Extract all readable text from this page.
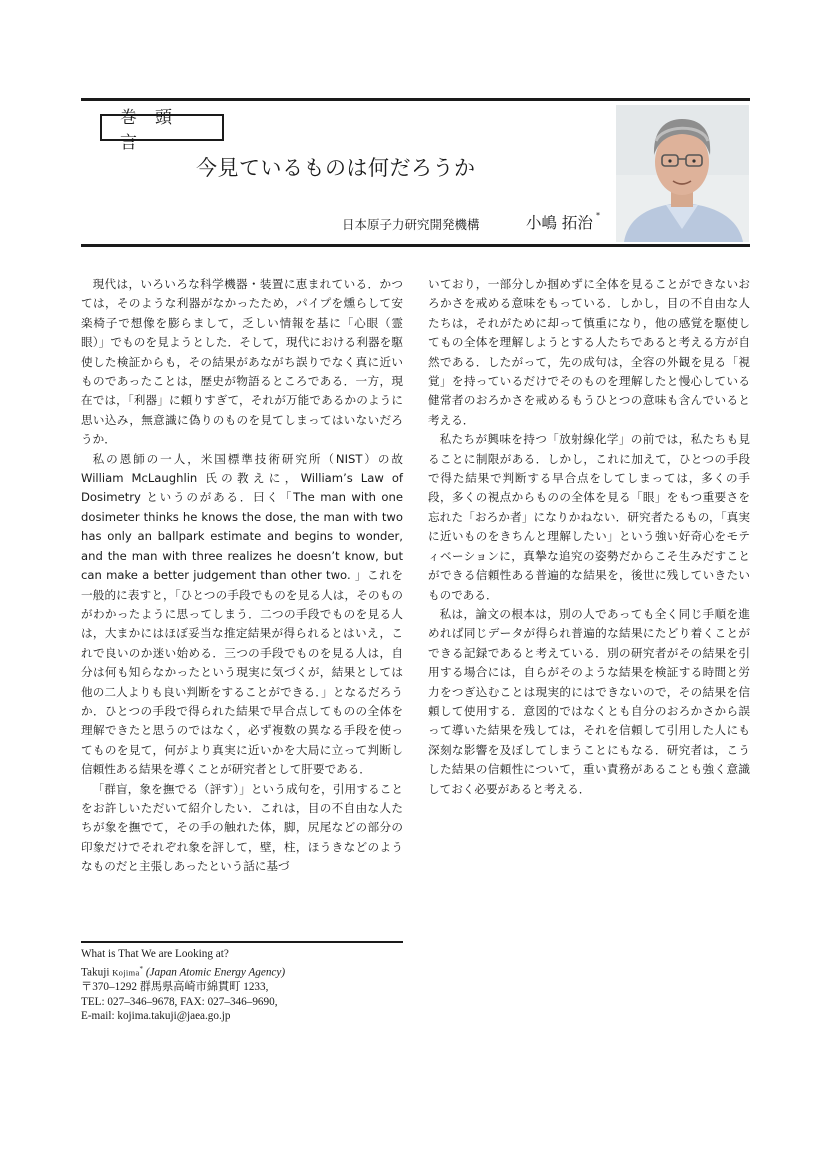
巻頭言
今見ているものは何だろうか
日本原子力研究開発機構	小嶋 拓治 *

現代は，いろいろな科学機器・装置に恵まれている．かつては，そのような利器がなかったため，パイプを燻らして安楽椅子で想像を膨らまして，乏しい情報を基に「心眼（霊眼）」でものを見ようとした．そして，現代における利器を駆使した検証からも，その結果があながち誤りでなく真に近いものであったことは，歴史が物語るところである．一方，現在では，「利器」に頼りすぎて，それが万能であるかのように思い込み，無意識に偽りのものを見てしまってはいないだろうか．

私の恩師の一人，米国標準技術研究所（NIST）の故 William McLaughlin 氏の教えに，William’s Law of Dosimetry というのがある．曰く「The man with one dosimeter thinks he knows the dose, the man with two has only an ballpark estimate and begins to wonder, and the man with three realizes he doesn’t know, but can make a better judgement than other two. 」これを一般的に表すと，「ひとつの手段でものを見る人は，そのものがわかったように思ってしまう．二つの手段でものを見る人は，大まかにはほぼ妥当な推定結果が得られるとはいえ，これで良いのか迷い始める．三つの手段でものを見る人は，自分は何も知らなかったという現実に気づくが，結果としては他の二人よりも良い判断をすることができる．」となるだろうか．ひとつの手段で得られた結果で早合点してものの全体を理解できたと思うのではなく，必ず複数の異なる手段を使ってものを見て，何がより真実に近いかを大局に立って判断し信頼性ある結果を導くことが研究者として肝要である．

「群盲，象を撫でる（評す）」という成句を，引用することをお許しいただいて紹介したい．これは，目の不自由な人たちが象を撫でて，その手の触れた体，脚，尻尾などの部分の印象だけでそれぞれ象を評して，壁，柱，ほうきなどのようなものだと主張しあったという話に基づ

いており，一部分しか掴めずに全体を見ることができないおろかさを戒める意味をもっている．しかし，目の不自由な人たちは，それがために却って慎重になり，他の感覚を駆使してもの全体を理解しようとする人たちであると考える方が自然である．したがって，先の成句は，全容の外観を見る「視覚」を持っているだけでそのものを理解したと慢心している健常者のおろかさを戒めるもうひとつの意味も含んでいると考える．

私たちが興味を持つ「放射線化学」の前では，私たちも見ることに制限がある．しかし，これに加えて，ひとつの手段で得た結果で判断する早合点をしてしまっては，多くの手段，多くの視点からものの全体を見る「眼」をもつ重要さを忘れた「おろか者」になりかねない．研究者たるもの，「真実に近いものをきちんと理解したい」という強い好奇心をモティベーションに，真摯な追究の姿勢だからこそ生みだすことができる信頼性ある普遍的な結果を，後世に残していきたいものである．

私は，論文の根本は，別の人であっても全く同じ手順を進めれば同じデータが得られ普遍的な結果にたどり着くことができる記録であると考えている．別の研究者がその結果を引用する場合には，自らがそのような結果を検証する時間と労力をつぎ込むことは現実的にはできないので，その結果を信頼して使用する．意図的ではなくとも自分のおろかさから誤って導いた結果を残しては，それを信頼して引用した人にも深刻な影響を及ぼしてしまうことにもなる．研究者は，こうした結果の信頼性について，重い責務があることも強く意識しておく必要があると考える．

What is That We are Looking at?
Takuji Kojima* (Japan Atomic Energy Agency)
〒370–1292 群馬県高崎市綿貫町 1233,
TEL: 027–346–9678, FAX: 027–346–9690,
E-mail: kojima.takuji@jaea.go.jp
